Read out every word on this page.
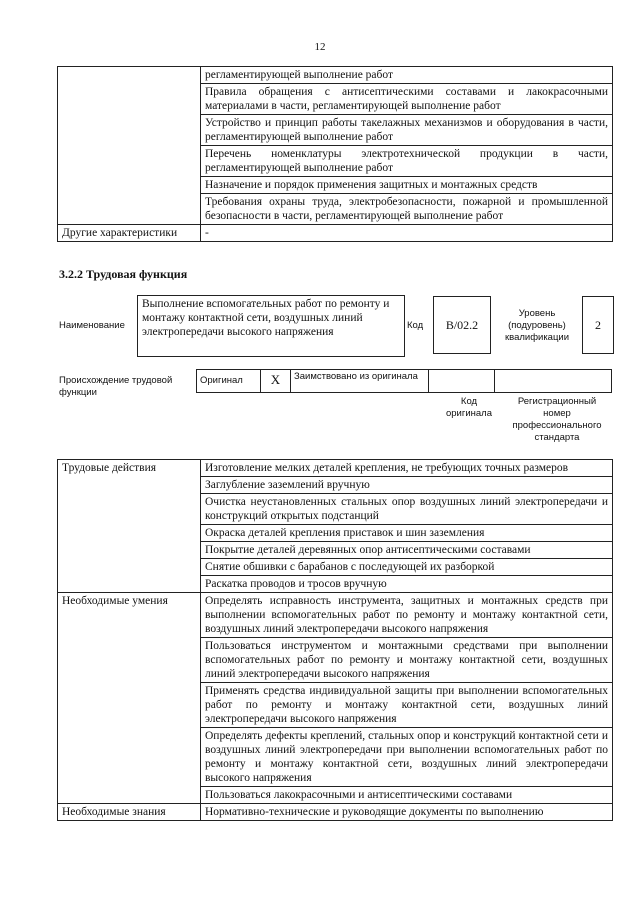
12
	регламентирующей выполнение работ
	Правила обращения с антисептическими составами и лакокрасочными материалами в части, регламентирующей выполнение работ
	Устройство и принцип работы такелажных механизмов и оборудования в части, регламентирующей выполнение работ
	Перечень номенклатуры электротехнической продукции в части, регламентирующей выполнение работ
	Назначение и порядок применения защитных и монтажных средств
	Требования охраны труда, электробезопасности, пожарной и промышленной безопасности в части, регламентирующей выполнение работ
Другие характеристики	-
3.2.2 Трудовая функция
Наименование
Выполнение вспомогательных работ по ремонту и монтажу контактной сети, воздушных линий электропередачи высокого напряжения
Код	B/02.2
Уровень (подуровень) квалификации
2
Происхождение трудовой функции
Оригинал	X	Заимствовано из оригинала		
Код оригинала
Регистрационный номер профессионального стандарта
Трудовые действия	Изготовление мелких деталей крепления, не требующих точных размеров
	Заглубление заземлений вручную
	Очистка неустановленных стальных опор воздушных линий электропередачи и конструкций открытых подстанций
	Окраска деталей крепления приставок и шин заземления
	Покрытие деталей деревянных опор антисептическими составами
	Снятие обшивки с барабанов с последующей их разборкой
	Раскатка проводов и тросов вручную
Необходимые умения	Определять исправность инструмента, защитных и монтажных средств при выполнении вспомогательных работ по ремонту и монтажу контактной сети, воздушных линий электропередачи высокого напряжения
	Пользоваться инструментом и монтажными средствами при выполнении вспомогательных работ по ремонту и монтажу контактной сети, воздушных линий электропередачи высокого напряжения
	Применять средства индивидуальной защиты при выполнении вспомогательных работ по ремонту и монтажу контактной сети, воздушных линий электропередачи высокого напряжения
	Определять дефекты креплений, стальных опор и конструкций контактной сети и воздушных линий электропередачи при выполнении вспомогательных работ по ремонту и монтажу контактной сети, воздушных линий электропередачи высокого напряжения
	Пользоваться лакокрасочными и антисептическими составами
Необходимые знания	Нормативно-технические и руководящие документы по выполнению
